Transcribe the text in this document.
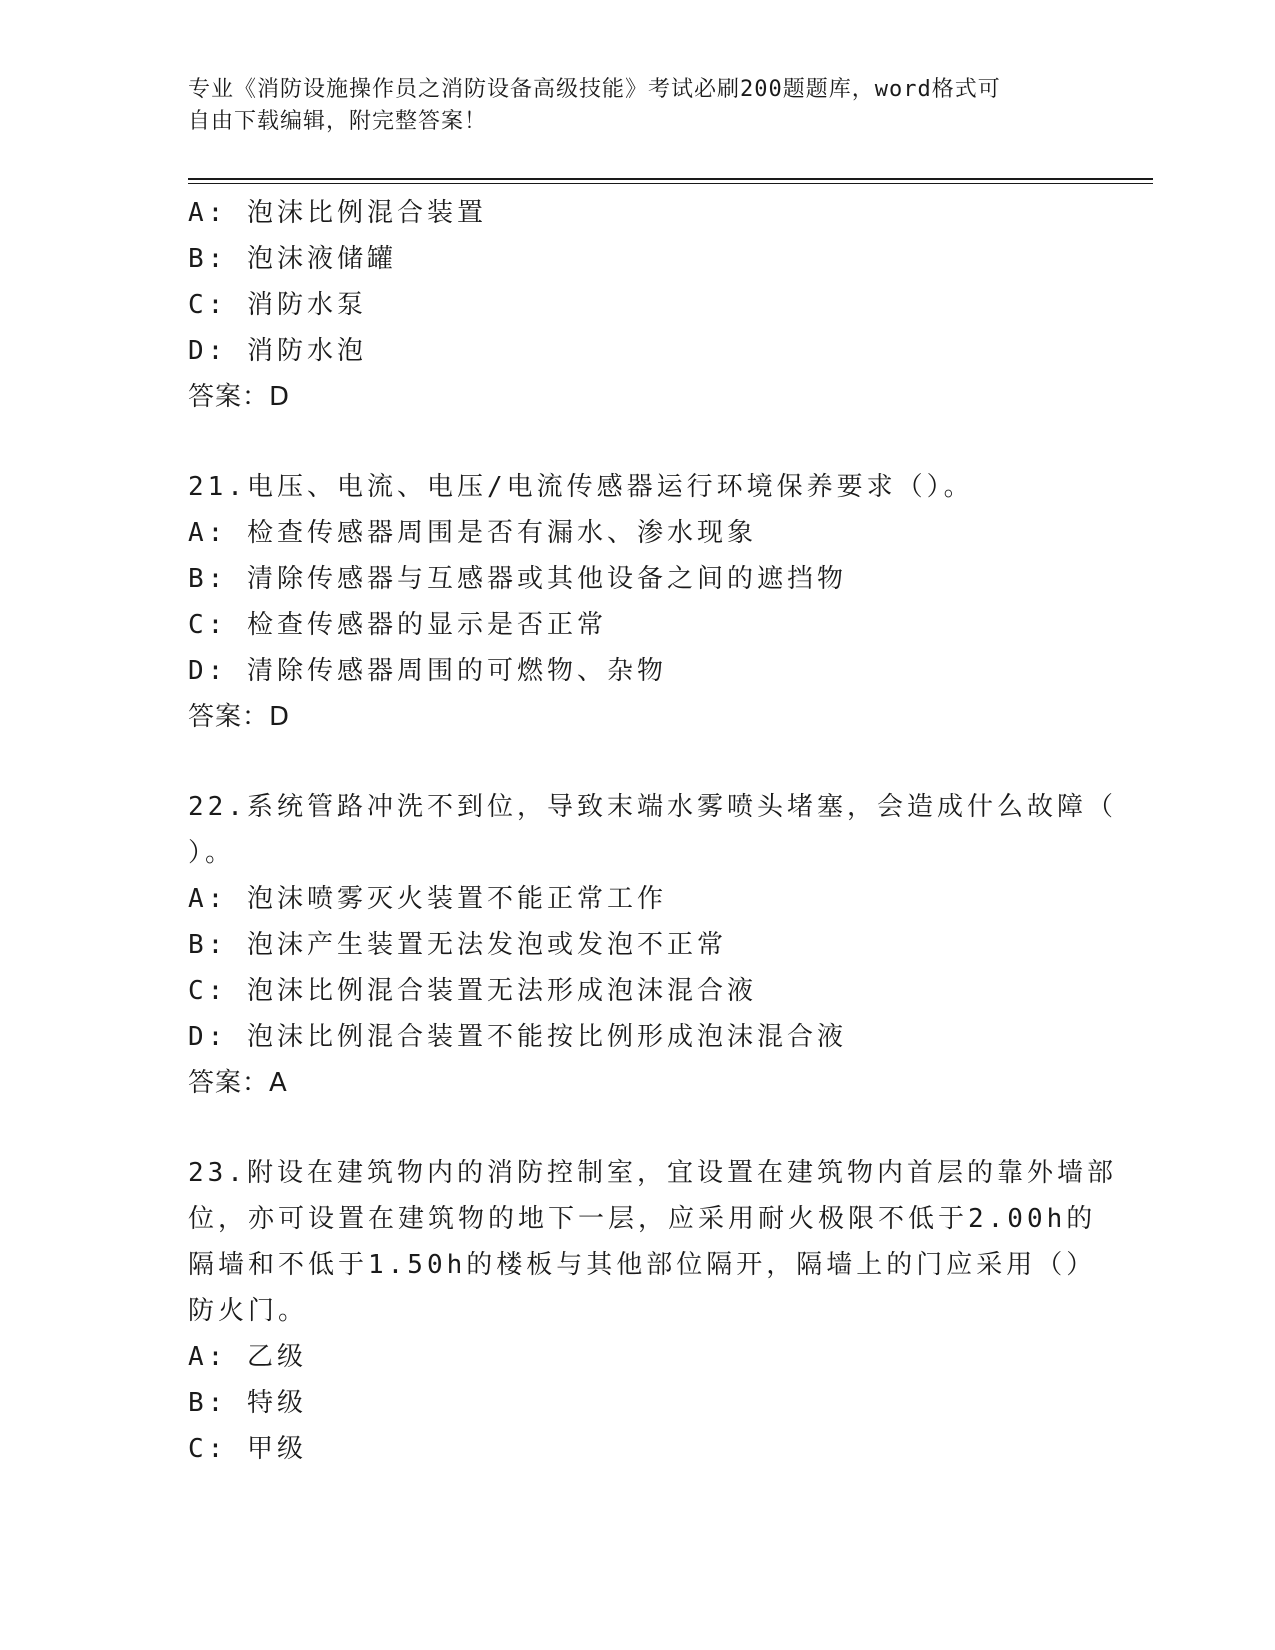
专业《消防设施操作员之消防设备高级技能》考试必刷200题题库，word格式可
自由下载编辑，附完整答案！
A: 泡沫比例混合装置
B: 泡沫液储罐
C: 消防水泵
D: 消防水泡
答案：D
21.电压、电流、电压/电流传感器运行环境保养要求（）。
A: 检查传感器周围是否有漏水、渗水现象
B: 清除传感器与互感器或其他设备之间的遮挡物
C: 检查传感器的显示是否正常
D: 清除传感器周围的可燃物、杂物
答案：D
22.系统管路冲洗不到位，导致末端水雾喷头堵塞，会造成什么故障（
）。
A: 泡沫喷雾灭火装置不能正常工作
B: 泡沫产生装置无法发泡或发泡不正常
C: 泡沫比例混合装置无法形成泡沫混合液
D: 泡沫比例混合装置不能按比例形成泡沫混合液
答案：A
23.附设在建筑物内的消防控制室，宜设置在建筑物内首层的靠外墙部
位，亦可设置在建筑物的地下一层，应采用耐火极限不低于2.00h的
隔墙和不低于1.50h的楼板与其他部位隔开，隔墙上的门应采用（）
防火门。
A: 乙级
B: 特级
C: 甲级
